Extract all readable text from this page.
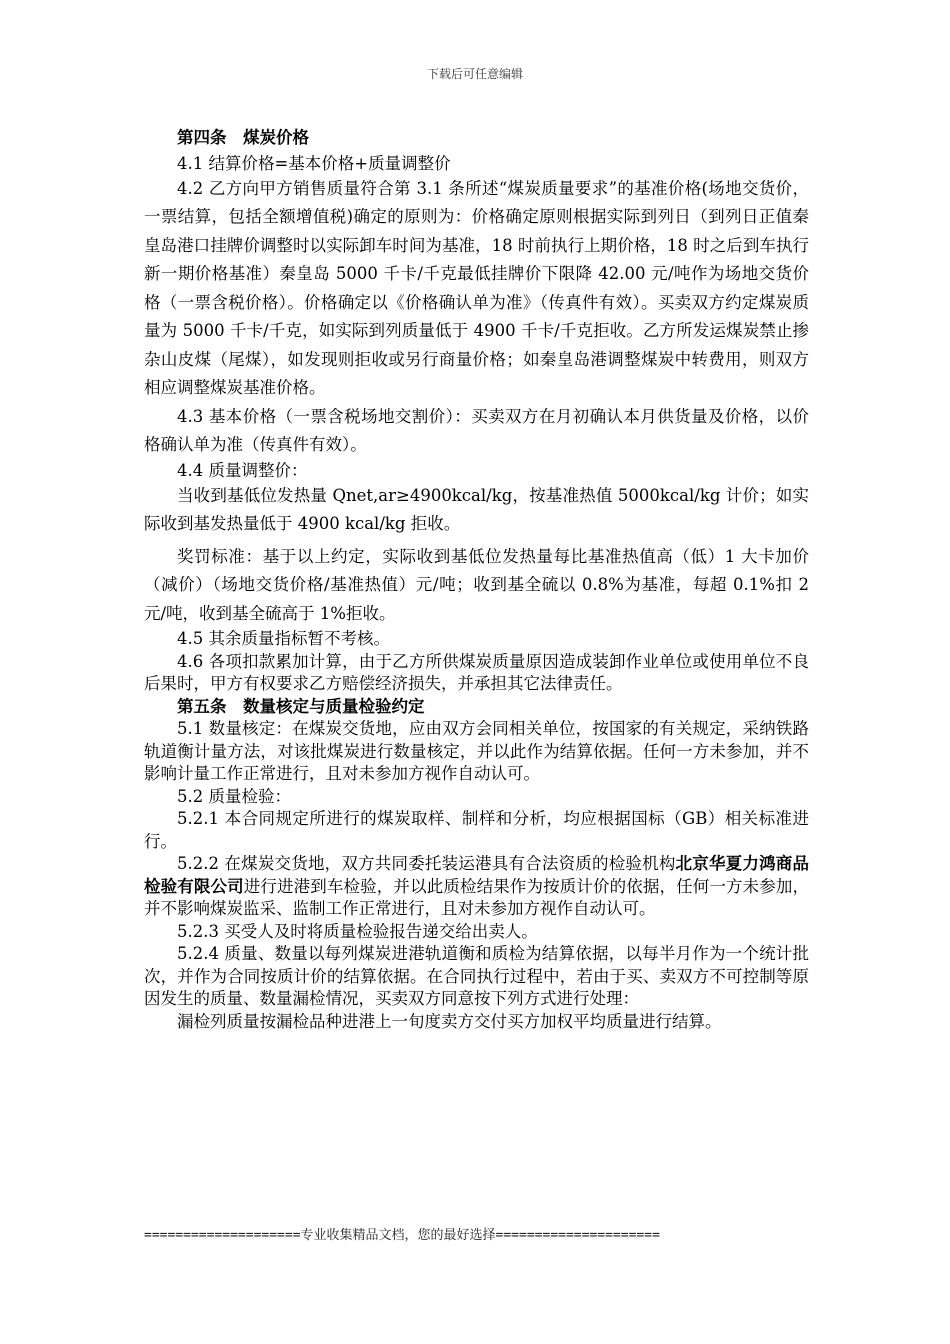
下载后可任意编辑

第四条　煤炭价格

4.1 结算价格=基本价格+质量调整价

4.2 乙方向甲方销售质量符合第 3.1 条所述“煤炭质量要求”的基准价格(场地交货价，一票结算，包括全额增值税)确定的原则为：价格确定原则根据实际到列日（到列日正值秦皇岛港口挂牌价调整时以实际卸车时间为基准，18 时前执行上期价格，18 时之后到车执行新一期价格基准）秦皇岛 5000 千卡/千克最低挂牌价下限降 42.00 元/吨作为场地交货价格（一票含税价格）。价格确定以《价格确认单为准》（传真件有效）。买卖双方约定煤炭质量为 5000 千卡/千克，如实际到列质量低于 4900 千卡/千克拒收。乙方所发运煤炭禁止掺杂山皮煤（尾煤），如发现则拒收或另行商量价格；如秦皇岛港调整煤炭中转费用，则双方相应调整煤炭基准价格。

4.3 基本价格（一票含税场地交割价）：买卖双方在月初确认本月供货量及价格，以价格确认单为准（传真件有效）。

4.4 质量调整价：

当收到基低位发热量 Qnet,ar≥4900kcal/kg，按基准热值 5000kcal/kg 计价；如实际收到基发热量低于 4900 kcal/kg 拒收。

奖罚标准：基于以上约定，实际收到基低位发热量每比基准热值高（低）1 大卡加价（减价）（场地交货价格/基准热值）元/吨；收到基全硫以 0.8%为基准，每超 0.1%扣 2 元/吨，收到基全硫高于 1%拒收。

4.5 其余质量指标暂不考核。

4.6 各项扣款累加计算，由于乙方所供煤炭质量原因造成装卸作业单位或使用单位不良后果时，甲方有权要求乙方赔偿经济损失，并承担其它法律责任。

第五条　数量核定与质量检验约定

5.1 数量核定：在煤炭交货地，应由双方会同相关单位，按国家的有关规定，采纳铁路轨道衡计量方法，对该批煤炭进行数量核定，并以此作为结算依据。任何一方未参加，并不影响计量工作正常进行，且对未参加方视作自动认可。

5.2 质量检验：

5.2.1 本合同规定所进行的煤炭取样、制样和分析，均应根据国标（GB）相关标准进行。

5.2.2 在煤炭交货地，双方共同委托装运港具有合法资质的检验机构北京华夏力鸿商品检验有限公司进行进港到车检验，并以此质检结果作为按质计价的依据，任何一方未参加，并不影响煤炭监采、监制工作正常进行，且对未参加方视作自动认可。

5.2.3 买受人及时将质量检验报告递交给出卖人。

5.2.4 质量、数量以每列煤炭进港轨道衡和质检为结算依据，以每半月作为一个统计批次，并作为合同按质计价的结算依据。在合同执行过程中，若由于买、卖双方不可控制等原因发生的质量、数量漏检情况，买卖双方同意按下列方式进行处理：

漏检列质量按漏检品种进港上一旬度卖方交付买方加权平均质量进行结算。

====================专业收集精品文档，您的最好选择=====================
